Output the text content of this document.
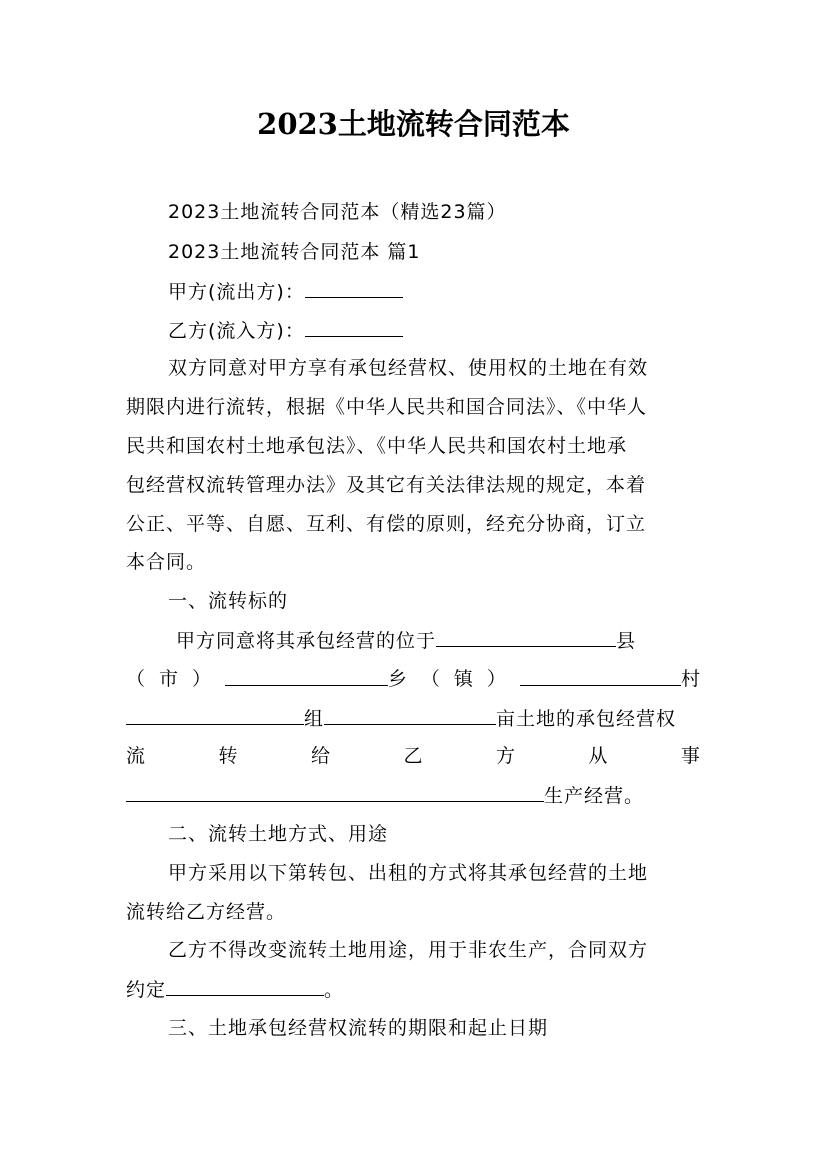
2023土地流转合同范本
2023土地流转合同范本（精选23篇）
2023土地流转合同范本 篇1
甲方(流出方)：
乙方(流入方)：
双方同意对甲方享有承包经营权、使用权的土地在有效
期限内进行流转，根据《中华人民共和国合同法》、《中华人
民共和国农村土地承包法》、《中华人民共和国农村土地承
包经营权流转管理办法》及其它有关法律法规的规定，本着
公正、平等、自愿、互利、有偿的原则，经充分协商，订立
本合同。
一、流转标的
甲方同意将其承包经营的位于	县
（市）	乡（镇）	村
组	亩土地的承包经营权
流	转	给	乙	方	从	事
生产经营。
二、流转土地方式、用途
甲方采用以下第转包、出租的方式将其承包经营的土地
流转给乙方经营。
乙方不得改变流转土地用途，用于非农生产，合同双方
约定	。
三、土地承包经营权流转的期限和起止日期
